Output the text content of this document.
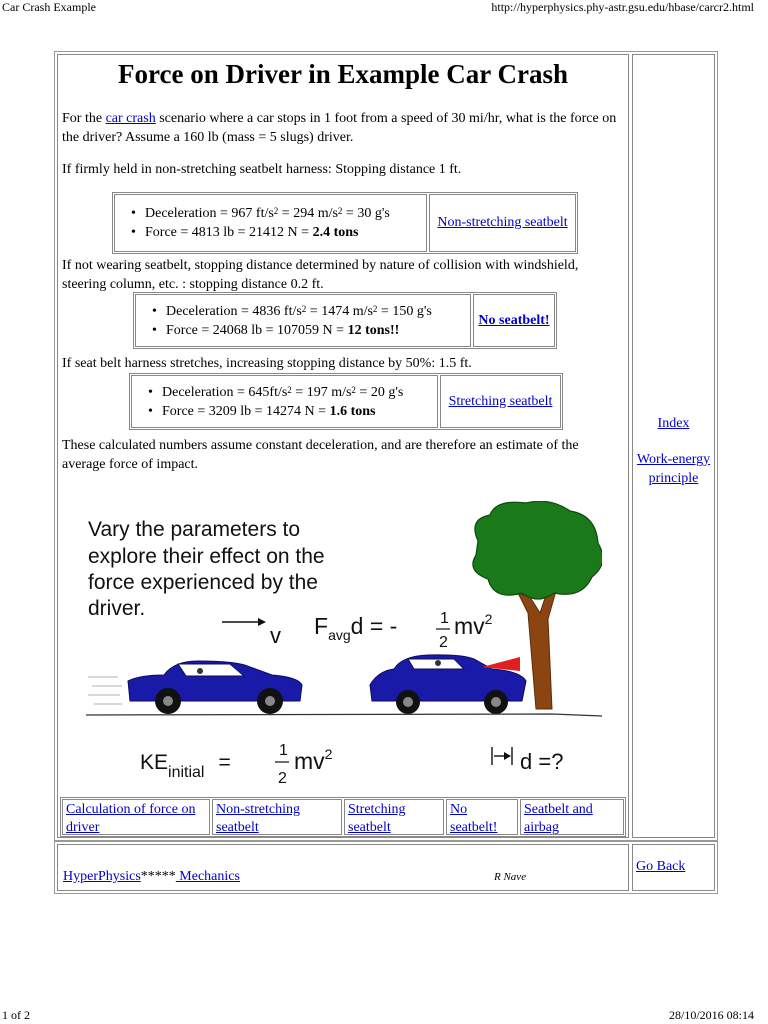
Car Crash Example	http://hyperphysics.phy-astr.gsu.edu/hbase/carcr2.html
Force on Driver in Example Car Crash
For the car crash scenario where a car stops in 1 foot from a speed of 30 mi/hr, what is the force on the driver? Assume a 160 lb (mass = 5 slugs) driver.
If firmly held in non-stretching seatbelt harness: Stopping distance 1 ft.
• Deceleration = 967 $ft/s^2 = 294$ $m/s^2 = 30$ g's
• Force = 4813 lb = 21412 N = 2.4 tons
Non-stretching seatbelt
If not wearing seatbelt, stopping distance determined by nature of collision with windshield, steering column, etc. : stopping distance 0.2 ft.
• Deceleration = 4836 $ft/s^2 = 1474$ $m/s^2 = 150$ g's
• Force = 24068 lb = 107059 N = 12 tons!!
No seatbelt!
If seat belt harness stretches, increasing stopping distance by 50%: 1.5 ft.
• Deceleration = $645ft/s^2 = 197$ $m/s^2 = 20$ g's
• Force = 3209 lb = 14274 N = 1.6 tons
Stretching seatbelt
These calculated numbers assume constant deceleration, and are therefore an estimate of the average force of impact.
Vary the parameters to
explore their effect on the
force experienced by the
driver.
v $F_{avg}d$ = -	1
2
$mv^2$
$KE_{initial}$ =
1
2
$mv^2$	d =?
Calculation of force on driver
Non-stretching seatbelt
Stretching seatbelt
No seatbelt!
Seatbelt and airbag
Index
Work-energy principle
HyperPhysics***** Mechanics	R Nave
Go Back
1 of 2	28/10/2016 08:14
